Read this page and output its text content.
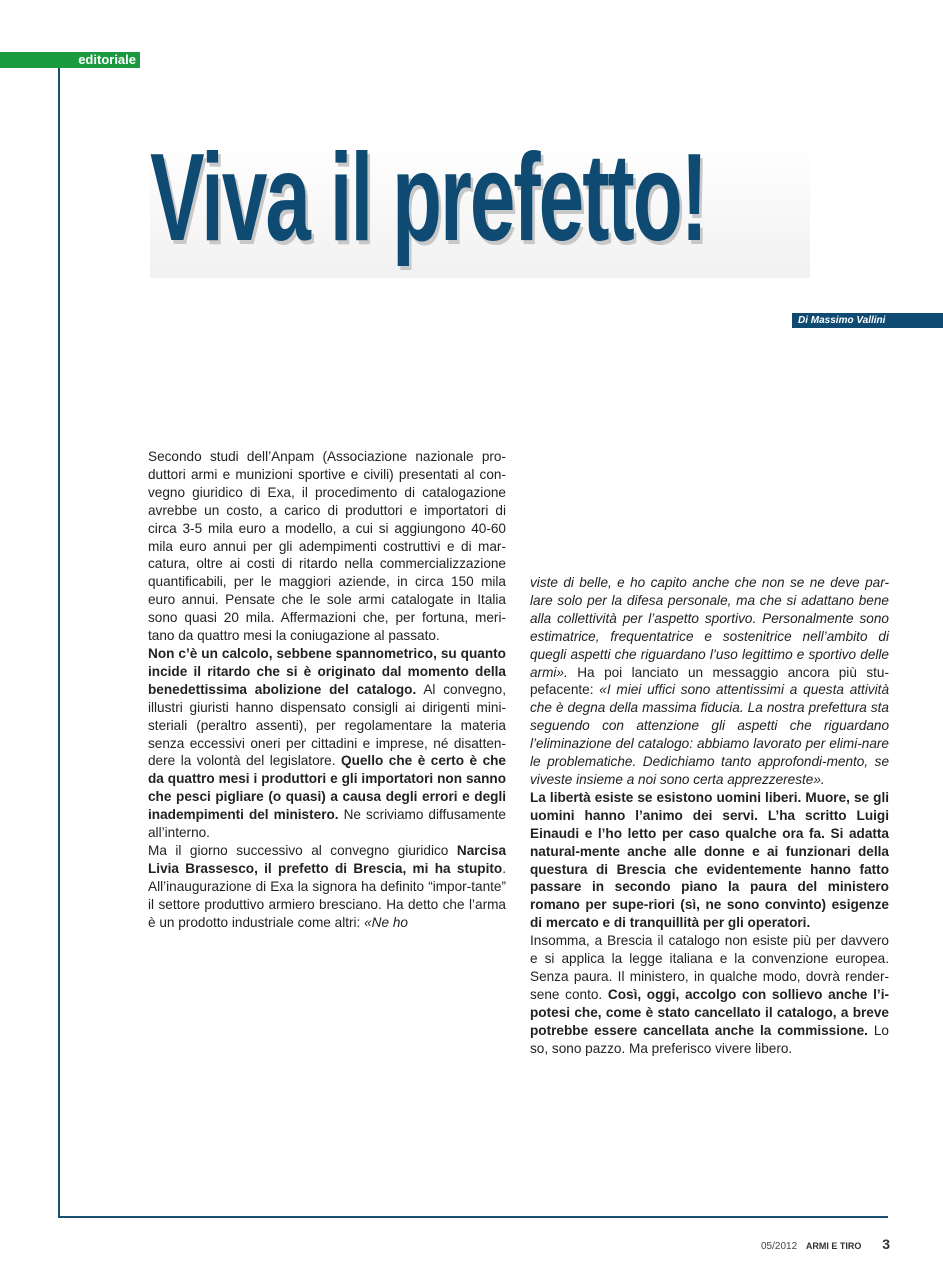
editoriale
Viva il prefetto!
Di Massimo Vallini

Secondo studi dell’Anpam (Associazione nazionale pro-duttori armi e munizioni sportive e civili) presentati al con-vegno giuridico di Exa, il procedimento di catalogazione avrebbe un costo, a carico di produttori e importatori di circa 3-5 mila euro a modello, a cui si aggiungono 40-60 mila euro annui per gli adempimenti costruttivi e di mar-catura, oltre ai costi di ritardo nella commercializzazione quantificabili, per le maggiori aziende, in circa 150 mila euro annui. Pensate che le sole armi catalogate in Italia sono quasi 20 mila. Affermazioni che, per fortuna, meri-tano da quattro mesi la coniugazione al passato.

Non c’è un calcolo, sebbene spannometrico, su quanto incide il ritardo che si è originato dal momento della benedettissima abolizione del catalogo. Al convegno, illustri giuristi hanno dispensato consigli ai dirigenti mini-steriali (peraltro assenti), per regolamentare la materia senza eccessivi oneri per cittadini e imprese, né disatten-dere la volontà del legislatore. Quello che è certo è che da quattro mesi i produttori e gli importatori non sanno che pesci pigliare (o quasi) a causa degli errori e degli inadempimenti del ministero. Ne scriviamo diffusamente all’interno.

Ma il giorno successivo al convegno giuridico Narcisa Livia Brassesco, il prefetto di Brescia, mi ha stupito. All’inaugurazione di Exa la signora ha definito “impor-tante” il settore produttivo armiero bresciano. Ha detto che l’arma è un prodotto industriale come altri: «Ne ho

viste di belle, e ho capito anche che non se ne deve par-lare solo per la difesa personale, ma che si adattano bene alla collettività per l’aspetto sportivo. Personalmente sono estimatrice, frequentatrice e sostenitrice nell’ambito di quegli aspetti che riguardano l’uso legittimo e sportivo delle armi». Ha poi lanciato un messaggio ancora più stu-pefacente: «I miei uffici sono attentissimi a questa attività che è degna della massima fiducia. La nostra prefettura sta seguendo con attenzione gli aspetti che riguardano l’eliminazione del catalogo: abbiamo lavorato per elimi-nare le problematiche. Dedichiamo tanto approfondi-mento, se viveste insieme a noi sono certa apprezzereste».

La libertà esiste se esistono uomini liberi. Muore, se gli uomini hanno l’animo dei servi. L’ha scritto Luigi Einaudi e l’ho letto per caso qualche ora fa. Si adatta natural-mente anche alle donne e ai funzionari della questura di Brescia che evidentemente hanno fatto passare in secondo piano la paura del ministero romano per supe-riori (sì, ne sono convinto) esigenze di mercato e di tranquillità per gli operatori.

Insomma, a Brescia il catalogo non esiste più per davvero e si applica la legge italiana e la convenzione europea. Senza paura. Il ministero, in qualche modo, dovrà render-sene conto. Così, oggi, accolgo con sollievo anche l’i-potesi che, come è stato cancellato il catalogo, a breve potrebbe essere cancellata anche la commissione. Lo so, sono pazzo. Ma preferisco vivere libero.

05/2012 ARMI E TIRO 3
